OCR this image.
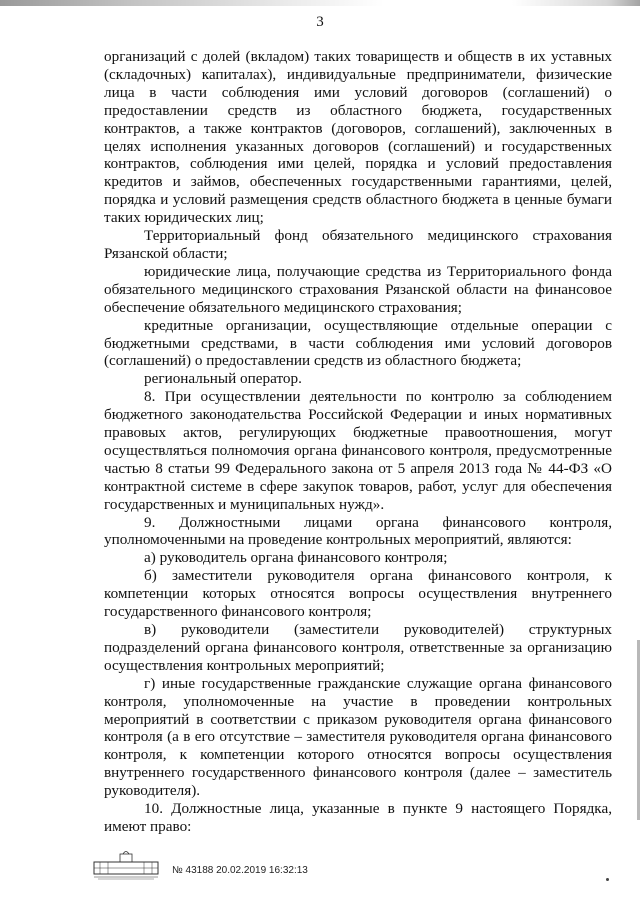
3

организаций с долей (вкладом) таких товариществ и обществ в их уставных (складочных) капиталах), индивидуальные предприниматели, физические лица в части соблюдения ими условий договоров (соглашений) о предоставлении средств из областного бюджета, государственных контрактов, а также контрактов (договоров, соглашений), заключенных в целях исполнения указанных договоров (соглашений) и государственных контрактов, соблюдения ими целей, порядка и условий предоставления кредитов и займов, обеспеченных государственными гарантиями, целей, порядка и условий размещения средств областного бюджета в ценные бумаги таких юридических лиц;

Территориальный фонд обязательного медицинского страхования Рязанской области;

юридические лица, получающие средства из Территориального фонда обязательного медицинского страхования Рязанской области на финансовое обеспечение обязательного медицинского страхования;

кредитные организации, осуществляющие отдельные операции с бюджетными средствами, в части соблюдения ими условий договоров (соглашений) о предоставлении средств из областного бюджета;

региональный оператор.

8. При осуществлении деятельности по контролю за соблюдением бюджетного законодательства Российской Федерации и иных нормативных правовых актов, регулирующих бюджетные правоотношения, могут осуществляться полномочия органа финансового контроля, предусмотренные частью 8 статьи 99 Федерального закона от 5 апреля 2013 года № 44-ФЗ «О контрактной системе в сфере закупок товаров, работ, услуг для обеспечения государственных и муниципальных нужд».

9. Должностными лицами органа финансового контроля, уполномоченными на проведение контрольных мероприятий, являются:

а) руководитель органа финансового контроля;

б) заместители руководителя органа финансового контроля, к компетенции которых относятся вопросы осуществления внутреннего государственного финансового контроля;

в) руководители (заместители руководителей) структурных подразделений органа финансового контроля, ответственные за организацию осуществления контрольных мероприятий;

г) иные государственные гражданские служащие органа финансового контроля, уполномоченные на участие в проведении контрольных мероприятий в соответствии с приказом руководителя органа финансового контроля (а в его отсутствие – заместителя руководителя органа финансового контроля, к компетенции которого относятся вопросы осуществления внутреннего государственного финансового контроля (далее – заместитель руководителя).

10. Должностные лица, указанные в пункте 9 настоящего Порядка, имеют право:

№ 43188 20.02.2019 16:32:13
